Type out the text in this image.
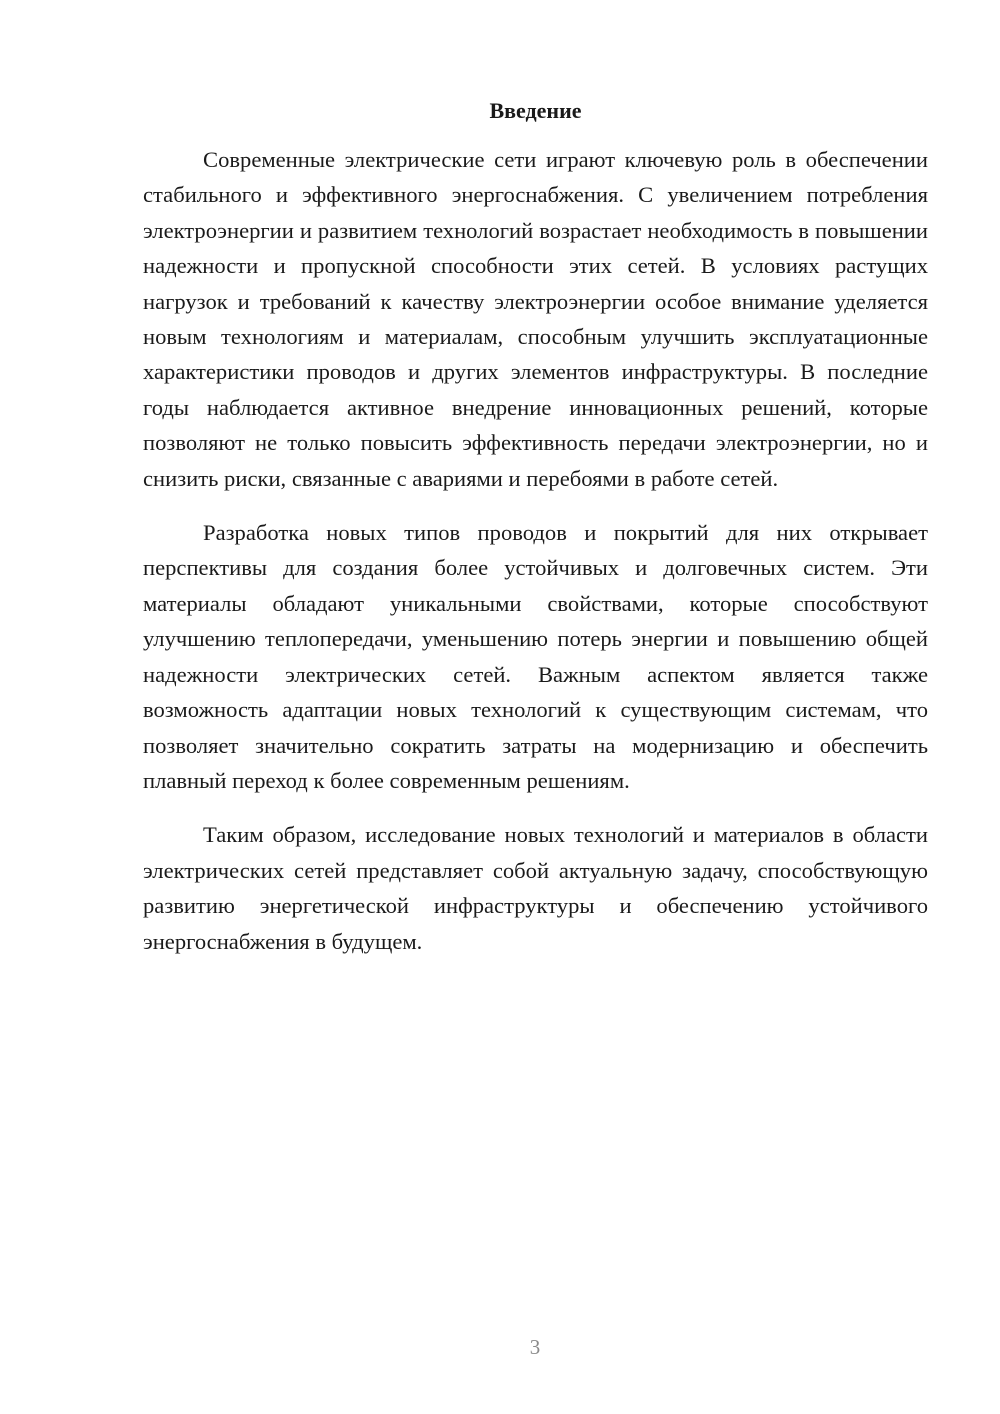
Введение

Современные электрические сети играют ключевую роль в обеспечении стабильного и эффективного энергоснабжения. С увеличением потребления электроэнергии и развитием технологий возрастает необходимость в повышении надежности и пропускной способности этих сетей. В условиях растущих нагрузок и требований к качеству электроэнергии особое внимание уделяется новым технологиям и материалам, способным улучшить эксплуатационные характеристики проводов и других элементов инфраструктуры. В последние годы наблюдается активное внедрение инновационных решений, которые позволяют не только повысить эффективность передачи электроэнергии, но и снизить риски, связанные с авариями и перебоями в работе сетей.

Разработка новых типов проводов и покрытий для них открывает перспективы для создания более устойчивых и долговечных систем. Эти материалы обладают уникальными свойствами, которые способствуют улучшению теплопередачи, уменьшению потерь энергии и повышению общей надежности электрических сетей. Важным аспектом является также возможность адаптации новых технологий к существующим системам, что позволяет значительно сократить затраты на модернизацию и обеспечить плавный переход к более современным решениям.

Таким образом, исследование новых технологий и материалов в области электрических сетей представляет собой актуальную задачу, способствующую развитию энергетической инфраструктуры и обеспечению устойчивого энергоснабжения в будущем.

3
